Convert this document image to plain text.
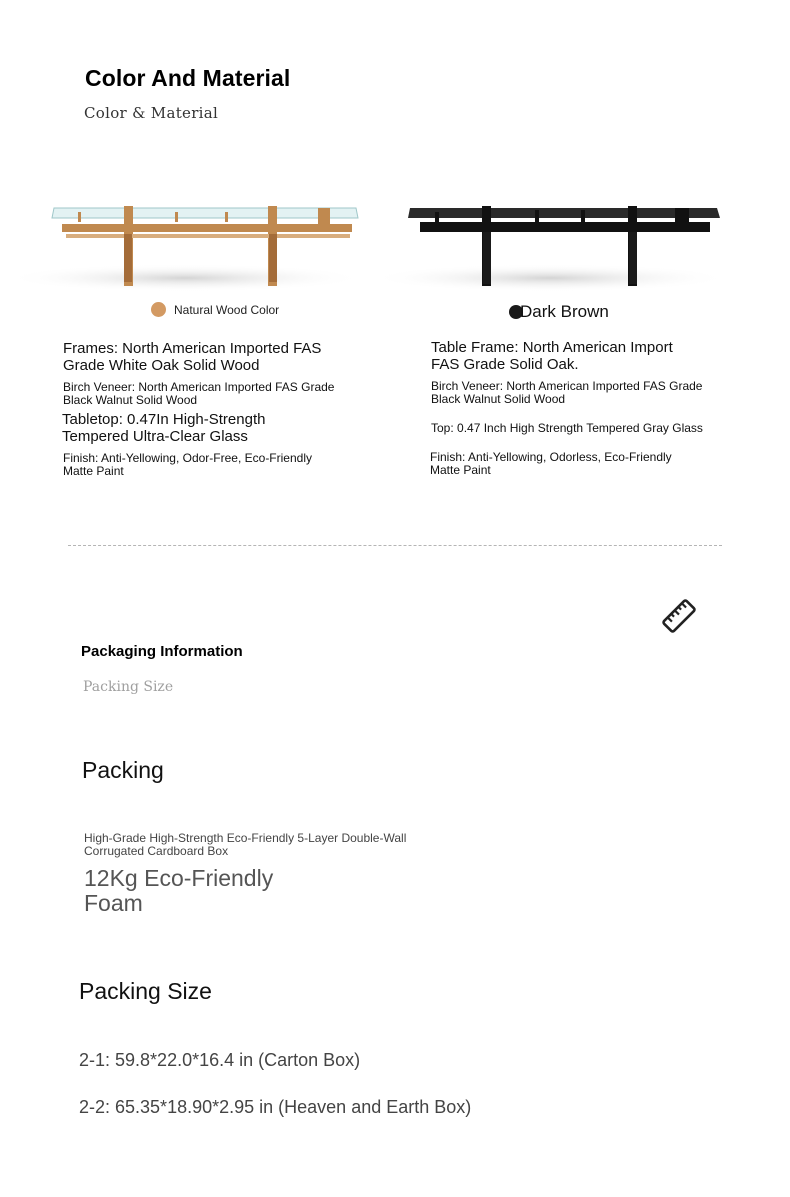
Color And Material
Color & Material
Natural Wood Color	Dark Brown
Frames: North American Imported FAS Grade White Oak Solid Wood
Birch Veneer: North American Imported FAS Grade Black Walnut Solid Wood
Tabletop: 0.47In High-Strength Tempered Ultra-Clear Glass
Finish: Anti-Yellowing, Odor-Free, Eco-Friendly Matte Paint
Table Frame: North American Import FAS Grade Solid Oak.
Birch Veneer: North American Imported FAS Grade Black Walnut Solid Wood
Top: 0.47 Inch High Strength Tempered Gray Glass
Finish: Anti-Yellowing, Odorless, Eco-Friendly Matte Paint
Packaging Information
Packing Size
Packing
High-Grade High-Strength Eco-Friendly 5-Layer Double-Wall Corrugated Cardboard Box
12Kg Eco-Friendly
Foam
Packing Size
2-1: 59.8*22.0*16.4 in (Carton Box)
2-2: 65.35*18.90*2.95 in (Heaven and Earth Box)
